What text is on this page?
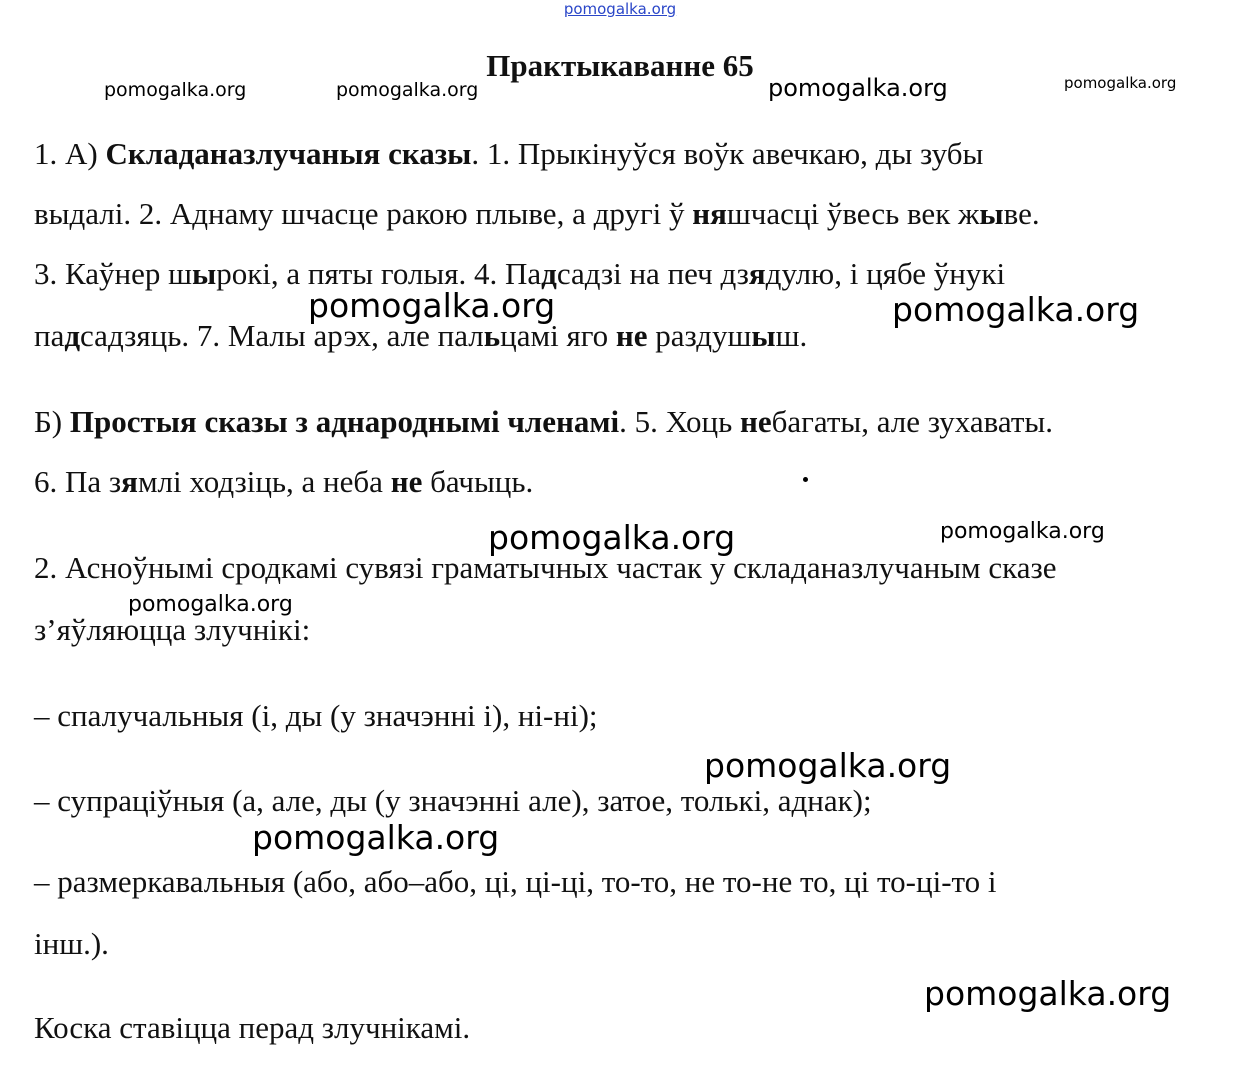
pomogalka.org
Практыкаванне 65
pomogalka.org	pomogalka.org	pomogalka.org	pomogalka.org
1. А) Складаназлучаныя сказы. 1. Прыкінуўся воўк авечкаю, ды зубы
выдалі. 2. Аднаму шчасце ракою плыве, а другі ў няшчасці ўвесь век жыве.
3. Каўнер шырокі, а пяты голыя. 4. Падсадзі на печ дзядулю, і цябе ўнукі
падсадзяць. 7. Малы арэх, але пальцамі яго не раздушыш.
pomogalka.org	pomogalka.org
Б) Простыя сказы з аднароднымі членамі. 5. Хоць небагаты, але зухаваты.
6. Па зямлі ходзіць, а неба не бачыць.
pomogalka.org	pomogalka.org
2. Асноўнымі сродкамі сувязі граматычных частак у складаназлучаным сказе
pomogalka.org
з’яўляюцца злучнікі:
– спалучальныя (і, ды (у значэнні і), ні-ні);
pomogalka.org
– супраціўныя (а, але, ды (у значэнні але), затое, толькі, аднак);
pomogalka.org
– размеркавальныя (або, або–або, ці, ці-ці, то-то, не то-не то, ці то-ці-то і
інш.).
pomogalka.org
Коска ставіцца перад злучнікамі.
